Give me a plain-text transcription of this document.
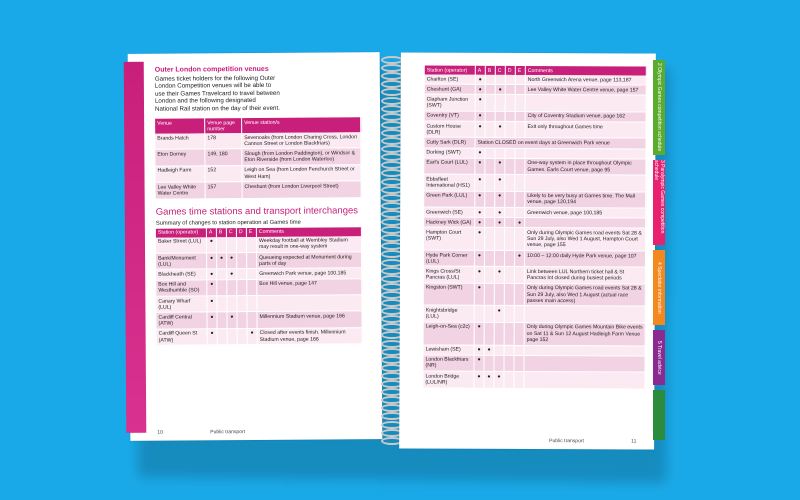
Outer London competition venues
Games ticket holders for the following Outer London Competition venues will be able to use their Games Travelcard to travel between London and the following designated National Rail station on the day of their event.
Venue	Venue page number	Venue station/s
Brands Hatch	178	Sevenoaks (from London Charing Cross, London Cannon Street or London Blackfriars)
Eton Dorney	149, 180	Slough (from London Paddington), or Windsor & Eton Riverside (from London Waterloo)
Hadleigh Farm	152	Leigh on Sea (from London Fenchurch Street or West Ham)
Lee Valley White Water Centre	157	Cheshunt (from London Liverpool Street)
Games time stations and transport interchanges
Summary of changes to station operation at Games time
Station (operator)	A	B	C	D	E	Comments
Baker Street (LUL)	●					Weekday football at Wembley Stadium may result in one-way system
Bank/Monument (LUL)	●	●	●			Queueing expected at Monument during parts of day
Blackheath (SE)	●		●			Greenwich Park venue, page 100,185
Box Hill and Westhumble (SO)	●					Box Hill venue, page 147
Canary Wharf (LUL)	●					
Cardiff Central (ATW)	●		●			Millennium Stadium venue, page 166
Cardiff Queen St (ATW)	●				●	Closed after events finish. Millennium Stadium venue, page 166
10	Public transport
Station (operator)	A	B	C	D	E	Comments
Charlton (SE)	●					North Greenwich Arena venue, page 113,187
Cheshunt (GA)	●		●			Lee Valley White Water Centre venue, page 157
Clapham Junction (SWT)	●					
Coventry (VT)	●					City of Coventry Stadium venue, page 162
Custom House (DLR)	●		●			Exit only throughout Games time
Cutty Sark (DLR)	Station CLOSED on event days at Greenwich Park venue					
Dorking (SWT)	●					
Earl's Court (LUL)	●		●			One-way system in place throughout Olympic Games. Earls Court venue, page 95
Ebbsfleet International (HS1)	●		●			
Green Park (LUL)	●		●			Likely to be very busy at Games time. The Mall venue, page 120,194
Greenwich (SE)	●		●			Greenwich venue, page 100,185
Hackney Wick (GA)	●		●		●	
Hampton Court (SWT)	●					Only during Olympic Games road events Sat 28 & Sun 29 July, also Wed 1 August, Hampton Court venue, page 155
Hyde Park Corner (LUL)	●				●	10:00 – 12:00 daily Hyde Park venue, page 107
Kings Cross/St Pancras (LUL)	●		●			Link between LUL Northern ticket hall & St Pancras Int closed during busiest periods
Kingston (SWT)	●					Only during Olympic Games road events Sat 28 & Sun 29 July, also Wed 1 August (actual race passes main access)
Knightsbridge (LUL)			●			
Leigh-on-Sea (c2c)	●					Only during Olympic Games Mountain Bike events on Sat 11 & Sun 12 August Hadleigh Farm Venue page 152
Lewisham (SE)	●	●				
London Blackfriars (NR)	●					
London Bridge (LUL/NR)	●	●	●			
Public transport	11
2 Olympic Games competition schedule
3 Paralympic Games competition schedule
4 Spectator information
5 Travel advice
